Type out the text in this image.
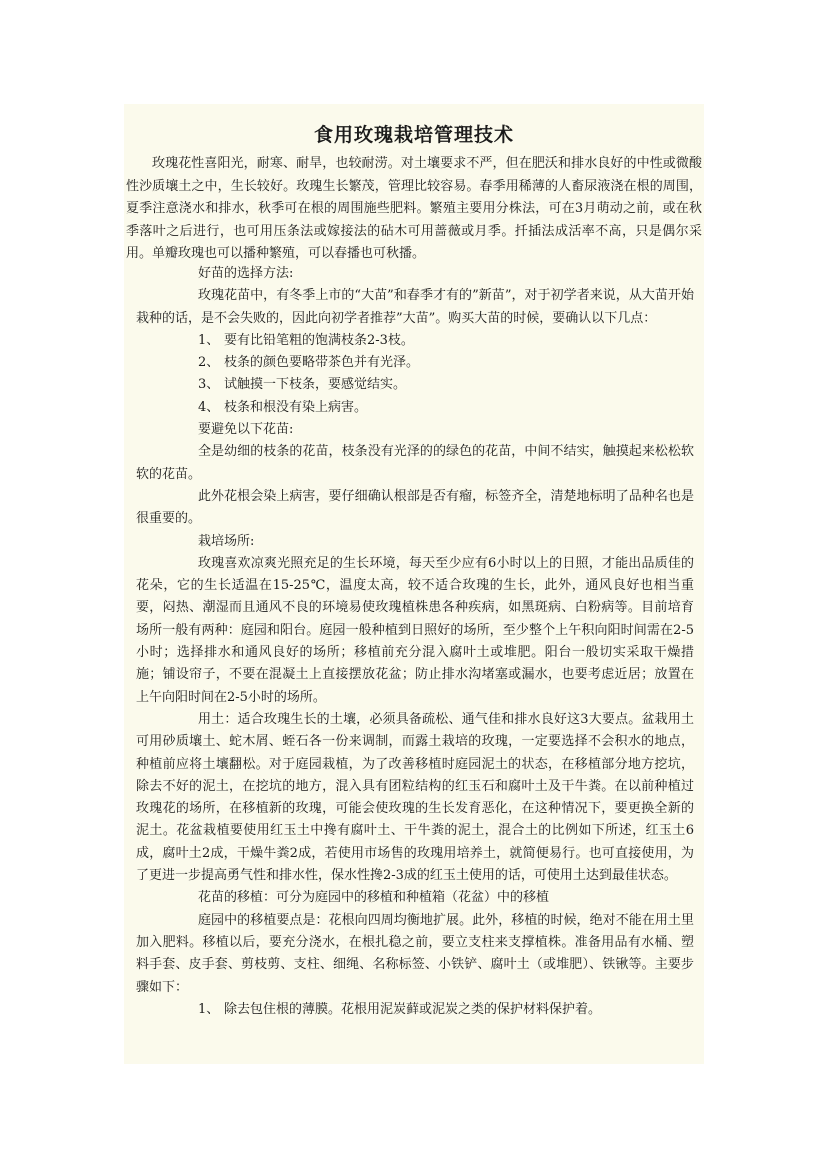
食用玫瑰栽培管理技术

玫瑰花性喜阳光，耐寒、耐旱，也较耐涝。对土壤要求不严，但在肥沃和排水良好的中性或微酸性沙质壤土之中，生长较好。玫瑰生长繁茂，管理比较容易。春季用稀薄的人畜尿液浇在根的周围，夏季注意浇水和排水，秋季可在根的周围施些肥料。繁殖主要用分株法，可在3月萌动之前，或在秋季落叶之后进行，也可用压条法或嫁接法的砧木可用蔷薇或月季。扦插法成活率不高，只是偶尔采用。单瓣玫瑰也可以播种繁殖，可以春播也可秋播。

好苗的选择方法:

玫瑰花苗中，有冬季上市的“大苗”和春季才有的”新苗”，对于初学者来说，从大苗开始栽种的话，是不会失败的，因此向初学者推荐”大苗”。购买大苗的时候，要确认以下几点：

1、 要有比铅笔粗的饱满枝条2-3枝。

2、 枝条的颜色要略带茶色并有光泽。

3、 试触摸一下枝条，要感觉结实。

4、 枝条和根没有染上病害。

要避免以下花苗:

全是幼细的枝条的花苗，枝条没有光泽的的绿色的花苗，中间不结实，触摸起来松松软软的花苗。

此外花根会染上病害，要仔细确认根部是否有瘤，标签齐全，清楚地标明了品种名也是很重要的。

栽培场所:

玫瑰喜欢凉爽光照充足的生长环境，每天至少应有6小时以上的日照，才能出品质佳的花朵，它的生长适温在15-25℃，温度太高，较不适合玫瑰的生长，此外，通风良好也相当重要，闷热、潮湿而且通风不良的环境易使玫瑰植株患各种疾病，如黑斑病、白粉病等。目前培育场所一般有两种：庭园和阳台。庭园一般种植到日照好的场所，至少整个上午积向阳时间需在2-5小时；选择排水和通风良好的场所；移植前充分混入腐叶土或堆肥。阳台一般切实采取干燥措施；铺设帘子，不要在混凝土上直接摆放花盆；防止排水沟堵塞或漏水，也要考虑近居；放置在上午向阳时间在2-5小时的场所。

用土：适合玫瑰生长的土壤，必须具备疏松、通气佳和排水良好这3大要点。盆栽用土可用砂质壤土、蛇木屑、蛭石各一份来调制，而露土栽培的玫瑰，一定要选择不会积水的地点，种植前应将土壤翻松。对于庭园栽植，为了改善移植时庭园泥土的状态，在移植部分地方挖坑，除去不好的泥土，在挖坑的地方，混入具有团粒结构的红玉石和腐叶土及干牛粪。在以前种植过玫瑰花的场所，在移植新的玫瑰，可能会使玫瑰的生长发育恶化，在这种情况下，要更换全新的泥土。花盆栽植要使用红玉土中搀有腐叶土、干牛粪的泥土，混合土的比例如下所述，红玉土6成，腐叶土2成，干燥牛粪2成，若使用市场售的玫瑰用培养土，就简便易行。也可直接使用，为了更进一步提高勇气性和排水性，保水性搀2-3成的红玉土使用的话，可使用土达到最佳状态。

花苗的移植：可分为庭园中的移植和种植箱（花盆）中的移植

庭园中的移植要点是：花根向四周均衡地扩展。此外，移植的时候，绝对不能在用土里加入肥料。移植以后，要充分浇水，在根扎稳之前，要立支柱来支撑植株。准备用品有水桶、塑料手套、皮手套、剪枝剪、支柱、细绳、名称标签、小铁铲、腐叶土（或堆肥）、铁锹等。主要步骤如下：

1、 除去包住根的薄膜。花根用泥炭藓或泥炭之类的保护材料保护着。
